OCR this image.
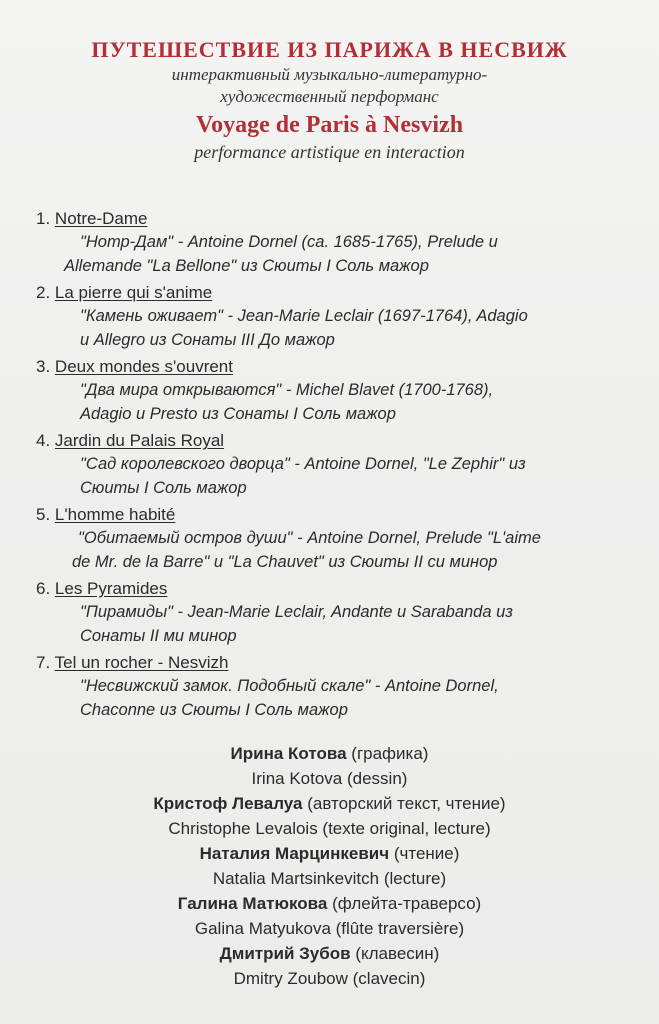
ПУТЕШЕСТВИЕ ИЗ ПАРИЖА В НЕСВИЖ
интерактивный музыкально-литературно-
художественный перформанс
Voyage de Paris à Nesvizh
performance artistique en interaction
1. Notre-Dame
"Нотр-Дам" - Antoine Dornel (ca. 1685-1765), Prelude и
Allemande "La Bellone" из Сюиты I Соль мажор
2. La pierre qui s'anime
"Камень оживает" - Jean-Marie Leclair (1697-1764), Adagio
и Allegro из Сонаты III До мажор
3. Deux mondes s'ouvrent
"Два мира открываются" - Michel Blavet (1700-1768),
Adagio и Presto из Сонаты I Соль мажор
4. Jardin du Palais Royal
"Сад королевского дворца" - Antoine Dornel, "Le Zephir" из
Сюиты I Соль мажор
5. L'homme habité
"Обитаемый остров души" - Antoine Dornel, Prelude "L'aime
de Mr. de la Barre" и "La Chauvet" из Сюиты II си минор
6. Les Pyramides
"Пирамиды" - Jean-Marie Leclair, Andante и Sarabanda из
Сонаты II ми минор
7. Tel un rocher - Nesvizh
"Несвижский замок. Подобный скале" - Antoine Dornel,
Chaconne из Сюиты I Соль мажор
Ирина Котова (графика)
Irina Kotova (dessin)
Кристоф Левалуа (авторский текст, чтение)
Christophe Levalois (texte original, lecture)
Наталия Марцинкевич (чтение)
Natalia Martsinkevitch (lecture)
Галина Матюкова (флейта-траверсо)
Galina Matyukova (flûte traversière)
Дмитрий Зубов (клавесин)
Dmitry Zoubow (clavecin)
